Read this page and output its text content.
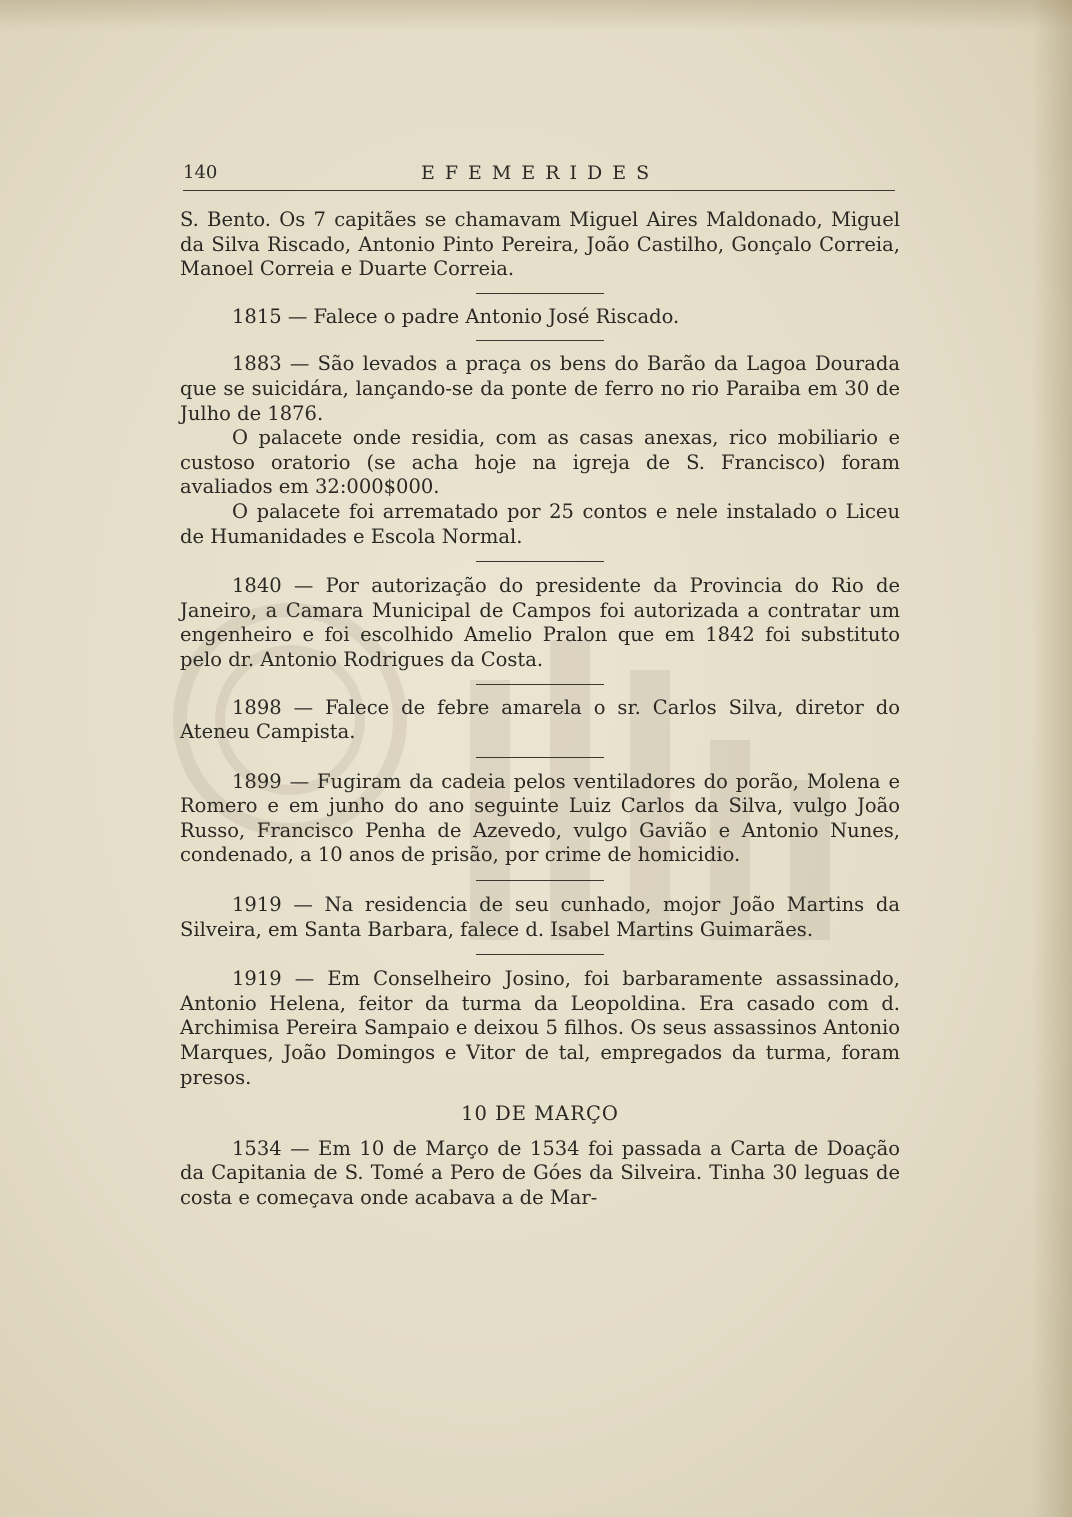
140	EFEMERIDES

S. Bento. Os 7 capitães se chamavam Miguel Aires Maldonado, Miguel da Silva Riscado, Antonio Pinto Pereira, João Castilho, Gonçalo Correia, Manoel Correia e Duarte Correia.

1815 — Falece o padre Antonio José Riscado.

1883 — São levados a praça os bens do Barão da Lagoa Dourada que se suicidára, lançando-se da ponte de ferro no rio Paraiba em 30 de Julho de 1876.

O palacete onde residia, com as casas anexas, rico mobiliario e custoso oratorio (se acha hoje na igreja de S. Francisco) foram avaliados em 32:000$000.

O palacete foi arrematado por 25 contos e nele instalado o Liceu de Humanidades e Escola Normal.

1840 — Por autorização do presidente da Provincia do Rio de Janeiro, a Camara Municipal de Campos foi autorizada a contratar um engenheiro e foi escolhido Amelio Pralon que em 1842 foi substituto pelo dr. Antonio Rodrigues da Costa.

1898 — Falece de febre amarela o sr. Carlos Silva, diretor do Ateneu Campista.

1899 — Fugiram da cadeia pelos ventiladores do porão, Molena e Romero e em junho do ano seguinte Luiz Carlos da Silva, vulgo João Russo, Francisco Penha de Azevedo, vulgo Gavião e Antonio Nunes, condenado, a 10 anos de prisão, por crime de homicidio.

1919 — Na residencia de seu cunhado, mojor João Martins da Silveira, em Santa Barbara, falece d. Isabel Martins Guimarães.

1919 — Em Conselheiro Josino, foi barbaramente assassinado, Antonio Helena, feitor da turma da Leopoldina. Era casado com d. Archimisa Pereira Sampaio e deixou 5 filhos. Os seus assassinos Antonio Marques, João Domingos e Vitor de tal, empregados da turma, foram presos.

10 DE MARÇO

1534 — Em 10 de Março de 1534 foi passada a Carta de Doação da Capitania de S. Tomé a Pero de Góes da Silveira. Tinha 30 leguas de costa e começava onde acabava a de Mar-
